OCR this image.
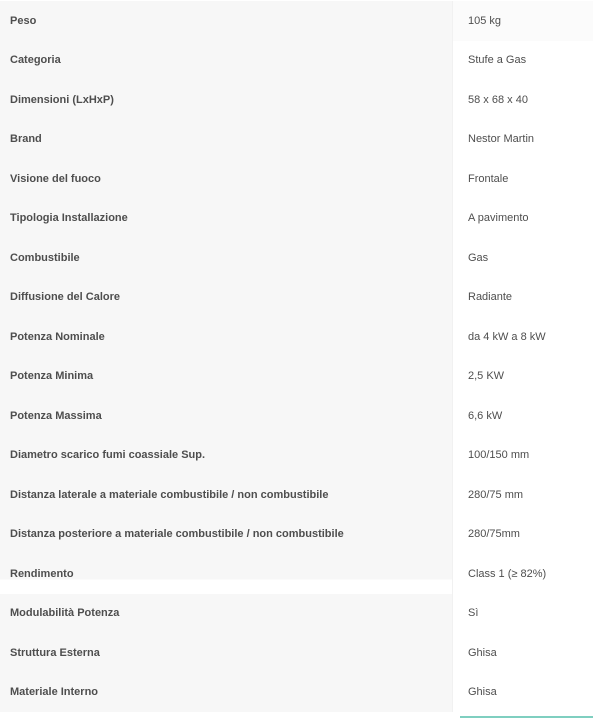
Peso	105 kg
Categoria	Stufe a Gas
Dimensioni (LxHxP)	58 x 68 x 40
Brand	Nestor Martin
Visione del fuoco	Frontale
Tipologia Installazione	A pavimento
Combustibile	Gas
Diffusione del Calore	Radiante
Potenza Nominale	da 4 kW a 8 kW
Potenza Minima	2,5 KW
Potenza Massima	6,6 kW
Diametro scarico fumi coassiale Sup.	100/150 mm
Distanza laterale a materiale combustibile / non combustibile	280/75 mm
Distanza posteriore a materiale combustibile / non combustibile	280/75mm
Rendimento	Class 1 (≥ 82%)
Modulabilità Potenza	Sì
Struttura Esterna	Ghisa
Materiale Interno	Ghisa
